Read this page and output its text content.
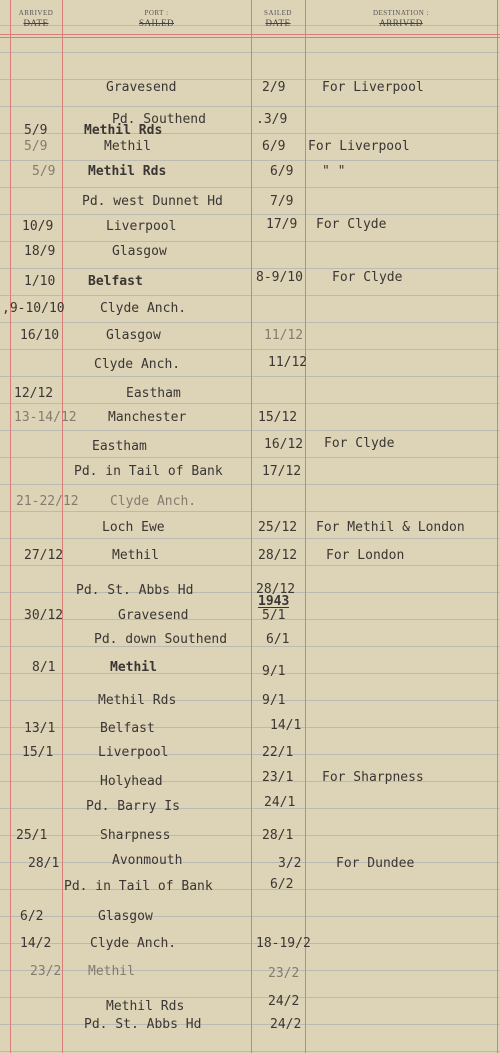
ARRIVED
DATE
PORT :
SAILED
SAILED
DATE
DESTINATION :
ARRIVED
Gravesend	2/9	For Liverpool
Pd. Southend	.3/9
5/9	Methil Rds
5/9	Methil	6/9 For Liverpool
5/9	Methil Rds	6/9 " "
Pd. west Dunnet Hd	7/9
10/9	Liverpool	17/9 For Clyde
18/9	Glasgow
1/10	Belfast	8-9/10 For Clyde
,9-10/10	Clyde Anch.
16/10	Glasgow	11/12
Clyde Anch.	11/12
12/12	Eastham
13-14/12 Manchester	15/12
Eastham	16/12 For Clyde
Pd. in Tail of Bank	17/12
21-22/12 Clyde Anch.
Loch Ewe	25/12 For Methil & London
27/12	Methil	28/12 For London
Pd. St. Abbs Hd	28/12
1943
30/12	Gravesend	5/1
Pd. down Southend	6/1
8/1	Methil	9/1
Methil Rds	9/1
13/1	Belfast	14/1
15/1	Liverpool	22/1
Holyhead	23/1 For Sharpness
Pd. Barry Is	24/1
25/1	Sharpness	28/1
28/1	Avonmouth	3/2	For Dundee
Pd. in Tail of Bank	6/2
6/2	Glasgow
14/2	Clyde Anch.	18-19/2
23/2 Methil	23/2
Methil Rds	24/2
Pd. St. Abbs Hd	24/2
